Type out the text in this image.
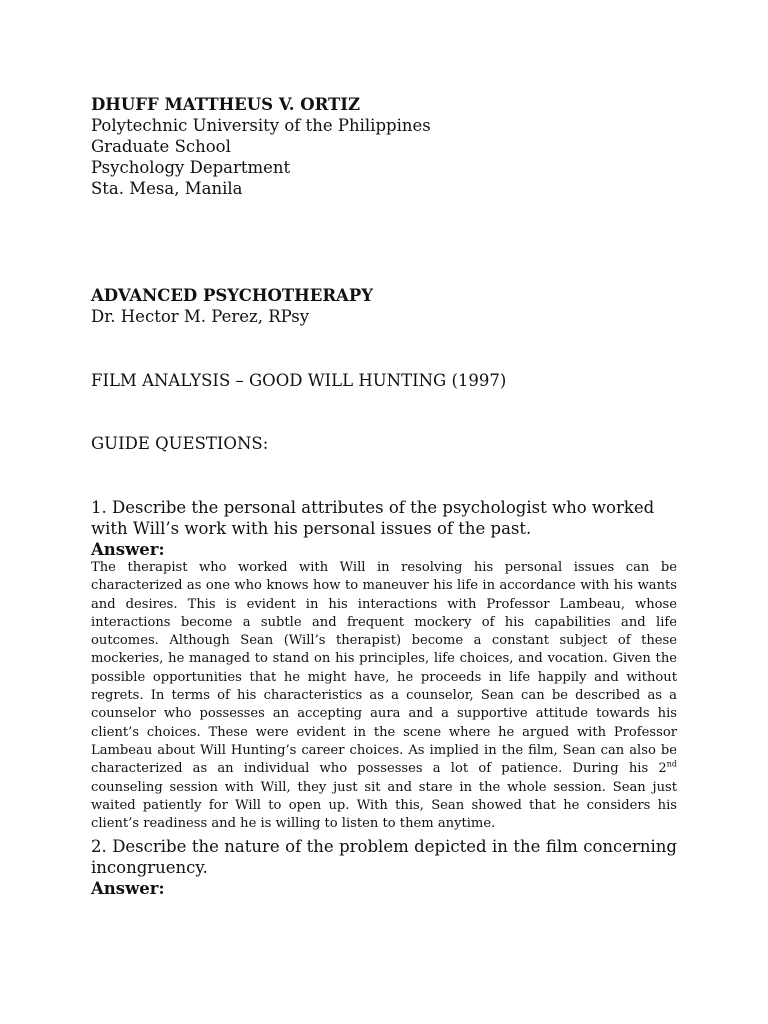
DHUFF MATTHEUS V. ORTIZ
Polytechnic University of the Philippines
Graduate School
Psychology Department
Sta. Mesa, Manila
ADVANCED PSYCHOTHERAPY
Dr. Hector M. Perez, RPsy
FILM ANALYSIS – GOOD WILL HUNTING (1997)
GUIDE QUESTIONS:
1. Describe the personal attributes of the psychologist who worked with Will’s work with his personal issues of the past.
Answer:
The therapist who worked with Will in resolving his personal issues can be characterized as one who knows how to maneuver his life in accordance with his wants and desires. This is evident in his interactions with Professor Lambeau, whose interactions become a subtle and frequent mockery of his capabilities and life outcomes. Although Sean (Will’s therapist) become a constant subject of these mockeries, he managed to stand on his principles, life choices, and vocation. Given the possible opportunities that he might have, he proceeds in life happily and without regrets. In terms of his characteristics as a counselor, Sean can be described as a counselor who possesses an accepting aura and a supportive attitude towards his client’s choices. These were evident in the scene where he argued with Professor Lambeau about Will Hunting’s career choices. As implied in the film, Sean can also be characterized as an individual who possesses a lot of patience. During his 2nd counseling session with Will, they just sit and stare in the whole session. Sean just waited patiently for Will to open up. With this, Sean showed that he considers his client’s readiness and he is willing to listen to them anytime.
2. Describe the nature of the problem depicted in the film concerning incongruency.
Answer:
